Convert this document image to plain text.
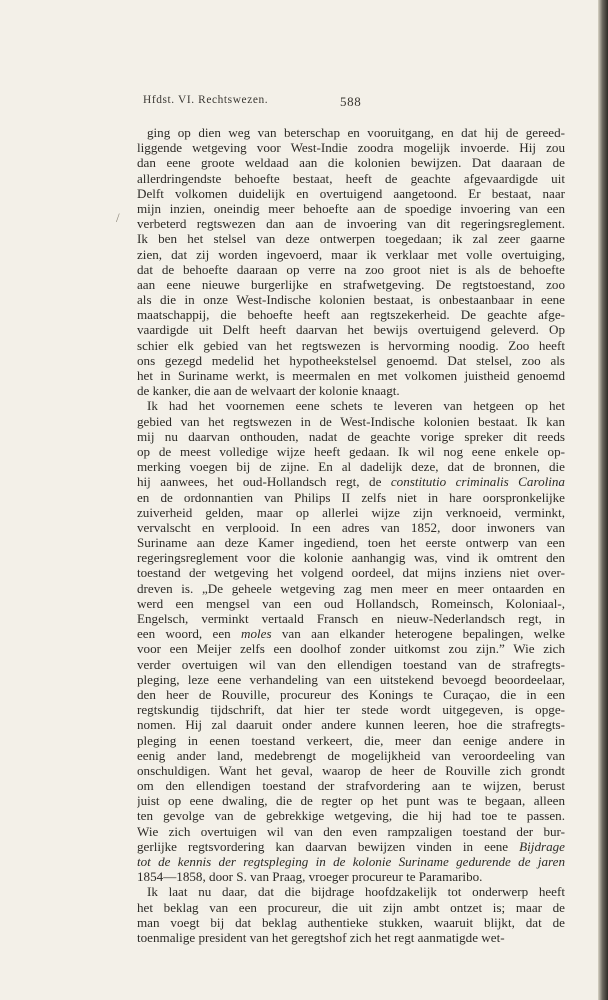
Hfdst. VI. Rechtswezen.	588
/
ging op dien weg van beterschap en vooruitgang, en dat hij de gereed-
liggende wetgeving voor West-Indie zoodra mogelijk invoerde. Hij zou
dan eene groote weldaad aan die kolonien bewijzen. Dat daaraan de
allerdringendste behoefte bestaat, heeft de geachte afgevaardigde uit
Delft volkomen duidelijk en overtuigend aangetoond. Er bestaat, naar
mijn inzien, oneindig meer behoefte aan de spoedige invoering van een
verbeterd regtswezen dan aan de invoering van dit regeringsreglement.
Ik ben het stelsel van deze ontwerpen toegedaan; ik zal zeer gaarne
zien, dat zij worden ingevoerd, maar ik verklaar met volle overtuiging,
dat de behoefte daaraan op verre na zoo groot niet is als de behoefte
aan eene nieuwe burgerlijke en strafwetgeving. De regtstoestand, zoo
als die in onze West-Indische kolonien bestaat, is onbestaanbaar in eene
maatschappij, die behoefte heeft aan regtszekerheid. De geachte afge-
vaardigde uit Delft heeft daarvan het bewijs overtuigend geleverd. Op
schier elk gebied van het regtswezen is hervorming noodig. Zoo heeft
ons gezegd medelid het hypotheekstelsel genoemd. Dat stelsel, zoo als
het in Suriname werkt, is meermalen en met volkomen juistheid genoemd
de kanker, die aan de welvaart der kolonie knaagt.
Ik had het voornemen eene schets te leveren van hetgeen op het
gebied van het regtswezen in de West-Indische kolonien bestaat. Ik kan
mij nu daarvan onthouden, nadat de geachte vorige spreker dit reeds
op de meest volledige wijze heeft gedaan. Ik wil nog eene enkele op-
merking voegen bij de zijne. En al dadelijk deze, dat de bronnen, die
hij aanwees, het oud-Hollandsch regt, de constitutio criminalis Carolina
en de ordonnantien van Philips II zelfs niet in hare oorspronkelijke
zuiverheid gelden, maar op allerlei wijze zijn verknoeid, verminkt,
vervalscht en verplooid. In een adres van 1852, door inwoners van
Suriname aan deze Kamer ingediend, toen het eerste ontwerp van een
regeringsreglement voor die kolonie aanhangig was, vind ik omtrent den
toestand der wetgeving het volgend oordeel, dat mijns inziens niet over-
dreven is. „De geheele wetgeving zag men meer en meer ontaarden en
werd een mengsel van een oud Hollandsch, Romeinsch, Koloniaal-,
Engelsch, verminkt vertaald Fransch en nieuw-Nederlandsch regt, in
een woord, een moles van aan elkander heterogene bepalingen, welke
voor een Meijer zelfs een doolhof zonder uitkomst zou zijn.” Wie zich
verder overtuigen wil van den ellendigen toestand van de strafregts-
pleging, leze eene verhandeling van een uitstekend bevoegd beoordeelaar,
den heer de Rouville, procureur des Konings te Curaçao, die in een
regtskundig tijdschrift, dat hier ter stede wordt uitgegeven, is opge-
nomen. Hij zal daaruit onder andere kunnen leeren, hoe die strafregts-
pleging in eenen toestand verkeert, die, meer dan eenige andere in
eenig ander land, medebrengt de mogelijkheid van veroordeeling van
onschuldigen. Want het geval, waarop de heer de Rouville zich grondt
om den ellendigen toestand der strafvordering aan te wijzen, berust
juist op eene dwaling, die de regter op het punt was te begaan, alleen
ten gevolge van de gebrekkige wetgeving, die hij had toe te passen.
Wie zich overtuigen wil van den even rampzaligen toestand der bur-
gerlijke regtsvordering kan daarvan bewijzen vinden in eene Bijdrage
tot de kennis der regtspleging in de kolonie Suriname gedurende de jaren
1854—1858, door S. van Praag, vroeger procureur te Paramaribo.
Ik laat nu daar, dat die bijdrage hoofdzakelijk tot onderwerp heeft
het beklag van een procureur, die uit zijn ambt ontzet is; maar de
man voegt bij dat beklag authentieke stukken, waaruit blijkt, dat de
toenmalige president van het geregtshof zich het regt aanmatigde wet-
